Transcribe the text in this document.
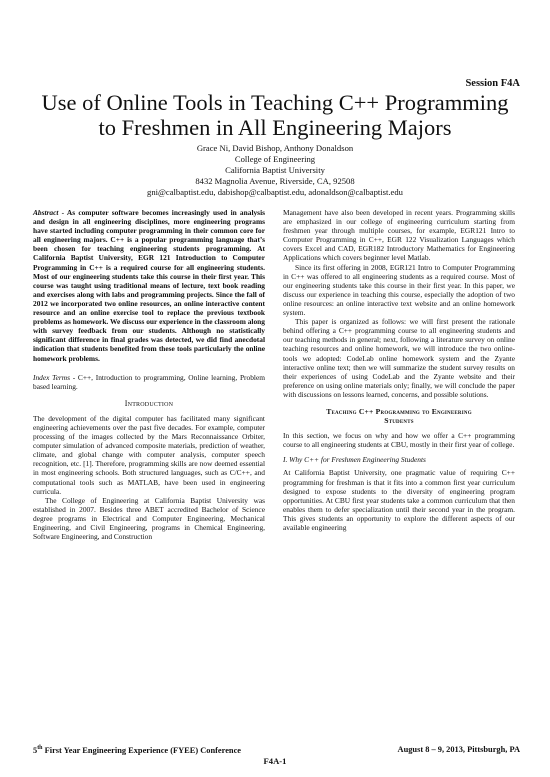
Session F4A
Use of Online Tools in Teaching C++ Programming
to Freshmen in All Engineering Majors
Grace Ni, David Bishop, Anthony Donaldson
College of Engineering
California Baptist University
8432 Magnolia Avenue, Riverside, CA, 92508
gni@calbaptist.edu, dabishop@calbaptist.edu, adonaldson@calbaptist.edu

Abstract - As computer software becomes increasingly used in analysis and design in all engineering disciplines, more engineering programs have started including computer programming in their common core for all engineering majors. C++ is a popular programming language that’s been chosen for teaching engineering students programming. At California Baptist University, EGR 121 Introduction to Computer Programming in C++ is a required course for all engineering students. Most of our engineering students take this course in their first year. This course was taught using traditional means of lecture, text book reading and exercises along with labs and programming projects. Since the fall of 2012 we incorporated two online resources, an online interactive content resource and an online exercise tool to replace the previous textbook problems as homework. We discuss our experience in the classroom along with survey feedback from our students. Although no statistically significant difference in final grades was detected, we did find anecdotal indication that students benefited from these tools particularly the online homework problems.

Index Terms - C++, Introduction to programming, Online learning, Problem based learning.

Introduction

The development of the digital computer has facilitated many significant engineering achievements over the past five decades. For example, computer processing of the images collected by the Mars Reconnaissance Orbiter, computer simulation of advanced composite materials, prediction of weather, climate, and global change with computer analysis, computer speech recognition, etc. [1]. Therefore, programming skills are now deemed essential in most engineering schools. Both structured languages, such as C/C++, and computational tools such as MATLAB, have been used in engineering curricula.

The College of Engineering at California Baptist University was established in 2007. Besides three ABET accredited Bachelor of Science degree programs in Electrical and Computer Engineering, Mechanical Engineering, and Civil Engineering, programs in Chemical Engineering, Software Engineering, and Construction

Management have also been developed in recent years. Programming skills are emphasized in our college of engineering curriculum starting from freshmen year through multiple courses, for example, EGR121 Intro to Computer Programming in C++, EGR 122 Visualization Languages which covers Excel and CAD, EGR182 Introductory Mathematics for Engineering Applications which covers beginner level Matlab.

Since its first offering in 2008, EGR121 Intro to Computer Programming in C++ was offered to all engineering students as a required course. Most of our engineering students take this course in their first year. In this paper, we discuss our experience in teaching this course, especially the adoption of two online resources: an online interactive text website and an online homework system.

This paper is organized as follows: we will first present the rationale behind offering a C++ programming course to all engineering students and our teaching methods in general; next, following a literature survey on online teaching resources and online homework, we will introduce the two online-tools we adopted: CodeLab online homework system and the Zyante interactive online text; then we will summarize the student survey results on their experiences of using CodeLab and the Zyante website and their preference on using online materials only; finally, we will conclude the paper with discussions on lessons learned, concerns, and possible solutions.

Teaching C++ Programming to Engineering
Students

In this section, we focus on why and how we offer a C++ programming course to all engineering students at CBU, mostly in their first year of college.

I. Why C++ for Freshmen Engineering Students

At California Baptist University, one pragmatic value of requiring C++ programming for freshman is that it fits into a common first year curriculum designed to expose students to the diversity of engineering program opportunities. At CBU first year students take a common curriculum that then enables them to defer specialization until their second year in the program. This gives students an opportunity to explore the different aspects of our available engineering

5th First Year Engineering Experience (FYEE) Conference	August 8 – 9, 2013, Pittsburgh, PA
F4A-1
